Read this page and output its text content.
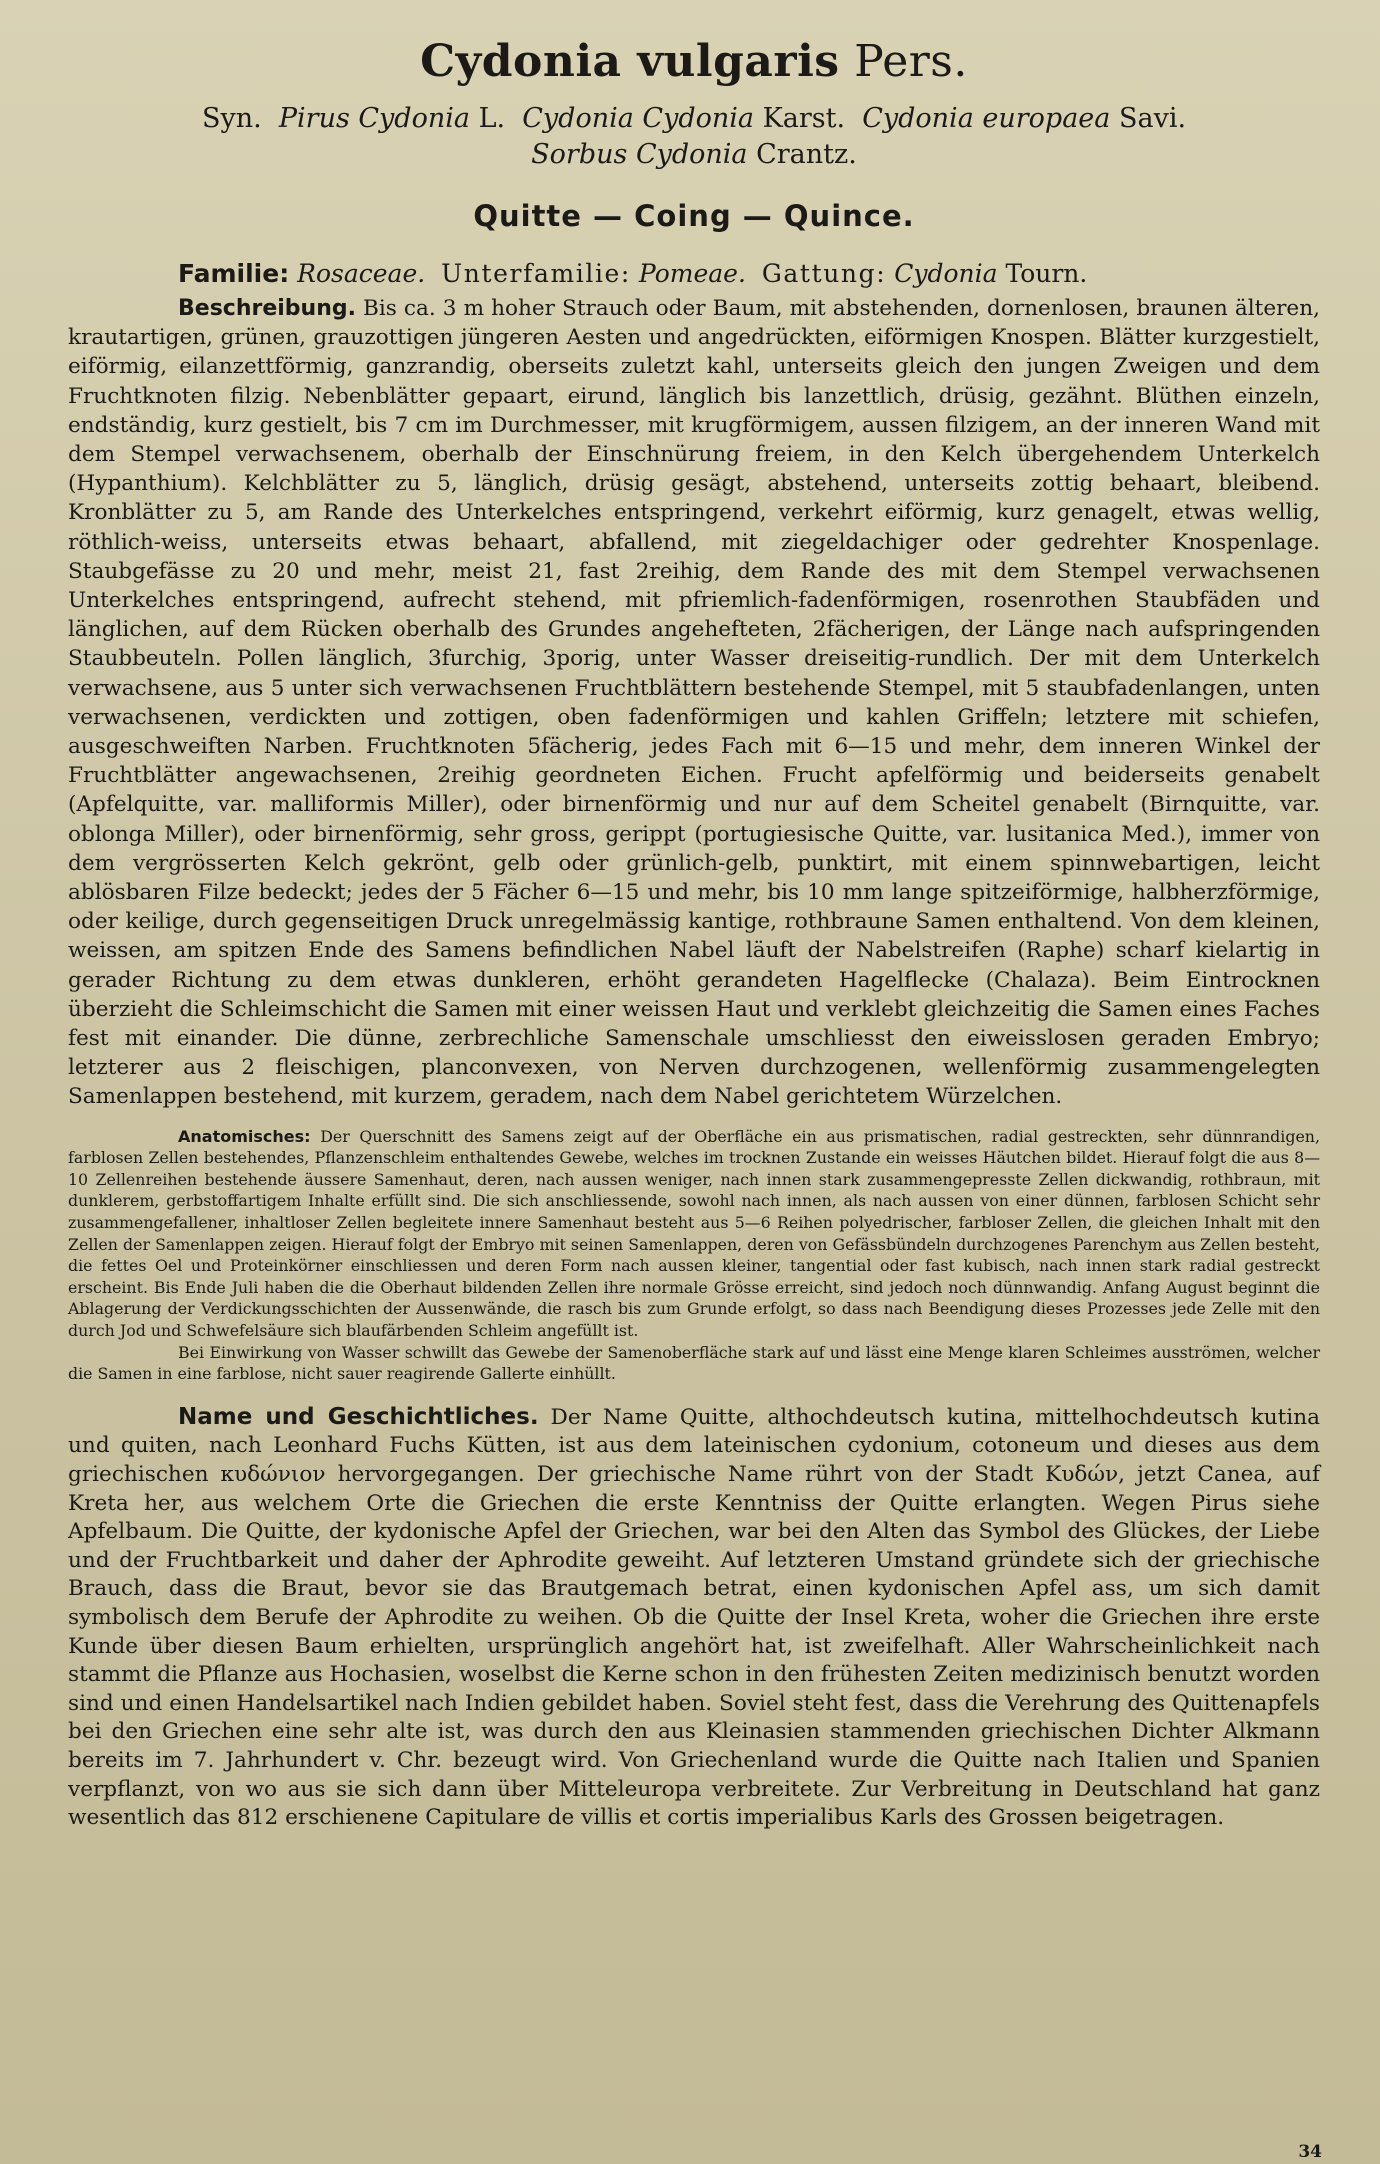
Cydonia vulgaris Pers.
Syn. Pirus Cydonia L. Cydonia Cydonia Karst. Cydonia europaea Savi.
Sorbus Cydonia Crantz.
Quitte — Coing — Quince.
Familie: Rosaceae. Unterfamilie: Pomeae. Gattung: Cydonia Tourn.

Beschreibung. Bis ca. 3 m hoher Strauch oder Baum, mit abstehenden, dornenlosen, braunen älteren, krautartigen, grünen, grauzottigen jüngeren Aesten und angedrückten, eiförmigen Knospen. Blätter kurzgestielt, eiförmig, eilanzettförmig, ganzrandig, oberseits zuletzt kahl, unterseits gleich den jungen Zweigen und dem Fruchtknoten filzig. Nebenblätter gepaart, eirund, länglich bis lanzettlich, drüsig, gezähnt. Blüthen einzeln, endständig, kurz gestielt, bis 7 cm im Durchmesser, mit krugförmigem, aussen filzigem, an der inneren Wand mit dem Stempel verwachsenem, oberhalb der Einschnürung freiem, in den Kelch übergehendem Unterkelch (Hypanthium). Kelchblätter zu 5, länglich, drüsig gesägt, abstehend, unterseits zottig behaart, bleibend. Kronblätter zu 5, am Rande des Unterkelches entspringend, verkehrt eiförmig, kurz genagelt, etwas wellig, röthlich-weiss, unterseits etwas behaart, abfallend, mit ziegeldachiger oder gedrehter Knospenlage. Staubgefässe zu 20 und mehr, meist 21, fast 2reihig, dem Rande des mit dem Stempel verwachsenen Unterkelches entspringend, aufrecht stehend, mit pfriemlich-fadenförmigen, rosenrothen Staubfäden und länglichen, auf dem Rücken oberhalb des Grundes angehefteten, 2fächerigen, der Länge nach aufspringenden Staubbeuteln. Pollen länglich, 3furchig, 3porig, unter Wasser dreiseitig-rundlich. Der mit dem Unterkelch verwachsene, aus 5 unter sich verwachsenen Fruchtblättern bestehende Stempel, mit 5 staubfadenlangen, unten verwachsenen, verdickten und zottigen, oben fadenförmigen und kahlen Griffeln; letztere mit schiefen, ausgeschweiften Narben. Fruchtknoten 5fächerig, jedes Fach mit 6—15 und mehr, dem inneren Winkel der Fruchtblätter angewachsenen, 2reihig geordneten Eichen. Frucht apfelförmig und beiderseits genabelt (Apfelquitte, var. malliformis Miller), oder birnenförmig und nur auf dem Scheitel genabelt (Birnquitte, var. oblonga Miller), oder birnenförmig, sehr gross, gerippt (portugiesische Quitte, var. lusitanica Med.), immer von dem vergrösserten Kelch gekrönt, gelb oder grünlich-gelb, punktirt, mit einem spinnwebartigen, leicht ablösbaren Filze bedeckt; jedes der 5 Fächer 6—15 und mehr, bis 10 mm lange spitzeiförmige, halbherzförmige, oder keilige, durch gegenseitigen Druck unregelmässig kantige, rothbraune Samen enthaltend. Von dem kleinen, weissen, am spitzen Ende des Samens befindlichen Nabel läuft der Nabelstreifen (Raphe) scharf kielartig in gerader Richtung zu dem etwas dunkleren, erhöht gerandeten Hagelflecke (Chalaza). Beim Eintrocknen überzieht die Schleimschicht die Samen mit einer weissen Haut und verklebt gleichzeitig die Samen eines Faches fest mit einander. Die dünne, zerbrechliche Samenschale umschliesst den eiweisslosen geraden Embryo; letzterer aus 2 fleischigen, planconvexen, von Nerven durchzogenen, wellenförmig zusammengelegten Samenlappen bestehend, mit kurzem, geradem, nach dem Nabel gerichtetem Würzelchen.

Anatomisches: Der Querschnitt des Samens zeigt auf der Oberfläche ein aus prismatischen, radial gestreckten, sehr dünnrandigen, farblosen Zellen bestehendes, Pflanzenschleim enthaltendes Gewebe, welches im trocknen Zustande ein weisses Häutchen bildet. Hierauf folgt die aus 8—10 Zellenreihen bestehende äussere Samenhaut, deren, nach aussen weniger, nach innen stark zusammengepresste Zellen dickwandig, rothbraun, mit dunklerem, gerbstoffartigem Inhalte erfüllt sind. Die sich anschliessende, sowohl nach innen, als nach aussen von einer dünnen, farblosen Schicht sehr zusammengefallener, inhaltloser Zellen begleitete innere Samenhaut besteht aus 5—6 Reihen polyedrischer, farbloser Zellen, die gleichen Inhalt mit den Zellen der Samenlappen zeigen. Hierauf folgt der Embryo mit seinen Samenlappen, deren von Gefässbündeln durchzogenes Parenchym aus Zellen besteht, die fettes Oel und Proteinkörner einschliessen und deren Form nach aussen kleiner, tangential oder fast kubisch, nach innen stark radial gestreckt erscheint. Bis Ende Juli haben die die Oberhaut bildenden Zellen ihre normale Grösse erreicht, sind jedoch noch dünnwandig. Anfang August beginnt die Ablagerung der Verdickungsschichten der Aussenwände, die rasch bis zum Grunde erfolgt, so dass nach Beendigung dieses Prozesses jede Zelle mit den durch Jod und Schwefelsäure sich blaufärbenden Schleim angefüllt ist.

Bei Einwirkung von Wasser schwillt das Gewebe der Samenoberfläche stark auf und lässt eine Menge klaren Schleimes ausströmen, welcher die Samen in eine farblose, nicht sauer reagirende Gallerte einhüllt.

Name und Geschichtliches. Der Name Quitte, althochdeutsch kutina, mittelhochdeutsch kutina und quiten, nach Leonhard Fuchs Kütten, ist aus dem lateinischen cydonium, cotoneum und dieses aus dem griechischen κυδώνιον hervorgegangen. Der griechische Name rührt von der Stadt Κυδών, jetzt Canea, auf Kreta her, aus welchem Orte die Griechen die erste Kenntniss der Quitte erlangten. Wegen Pirus siehe Apfelbaum. Die Quitte, der kydonische Apfel der Griechen, war bei den Alten das Symbol des Glückes, der Liebe und der Fruchtbarkeit und daher der Aphrodite geweiht. Auf letzteren Umstand gründete sich der griechische Brauch, dass die Braut, bevor sie das Brautgemach betrat, einen kydonischen Apfel ass, um sich damit symbolisch dem Berufe der Aphrodite zu weihen. Ob die Quitte der Insel Kreta, woher die Griechen ihre erste Kunde über diesen Baum erhielten, ursprünglich angehört hat, ist zweifelhaft. Aller Wahrscheinlichkeit nach stammt die Pflanze aus Hochasien, woselbst die Kerne schon in den frühesten Zeiten medizinisch benutzt worden sind und einen Handelsartikel nach Indien gebildet haben. Soviel steht fest, dass die Verehrung des Quittenapfels bei den Griechen eine sehr alte ist, was durch den aus Kleinasien stammenden griechischen Dichter Alkmann bereits im 7. Jahrhundert v. Chr. bezeugt wird. Von Griechenland wurde die Quitte nach Italien und Spanien verpflanzt, von wo aus sie sich dann über Mitteleuropa verbreitete. Zur Verbreitung in Deutschland hat ganz wesentlich das 812 erschienene Capitulare de villis et cortis imperialibus Karls des Grossen beigetragen.

34
